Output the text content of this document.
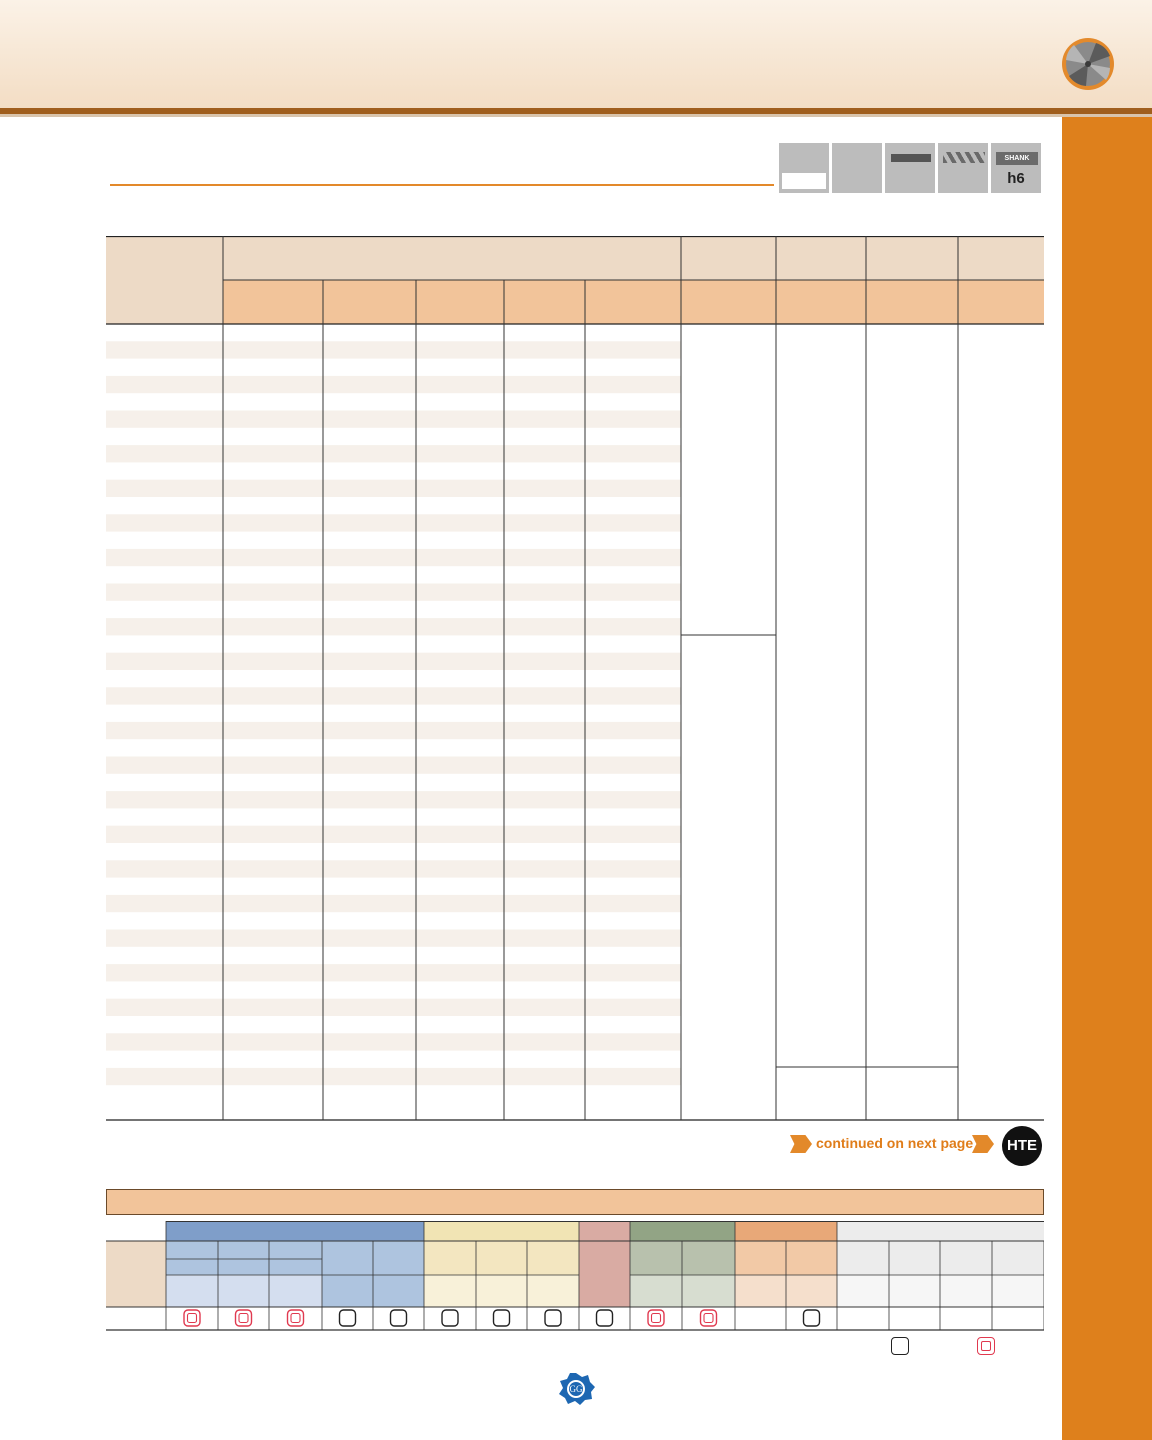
SHANK
h6
continued on next page	HTE
GG
